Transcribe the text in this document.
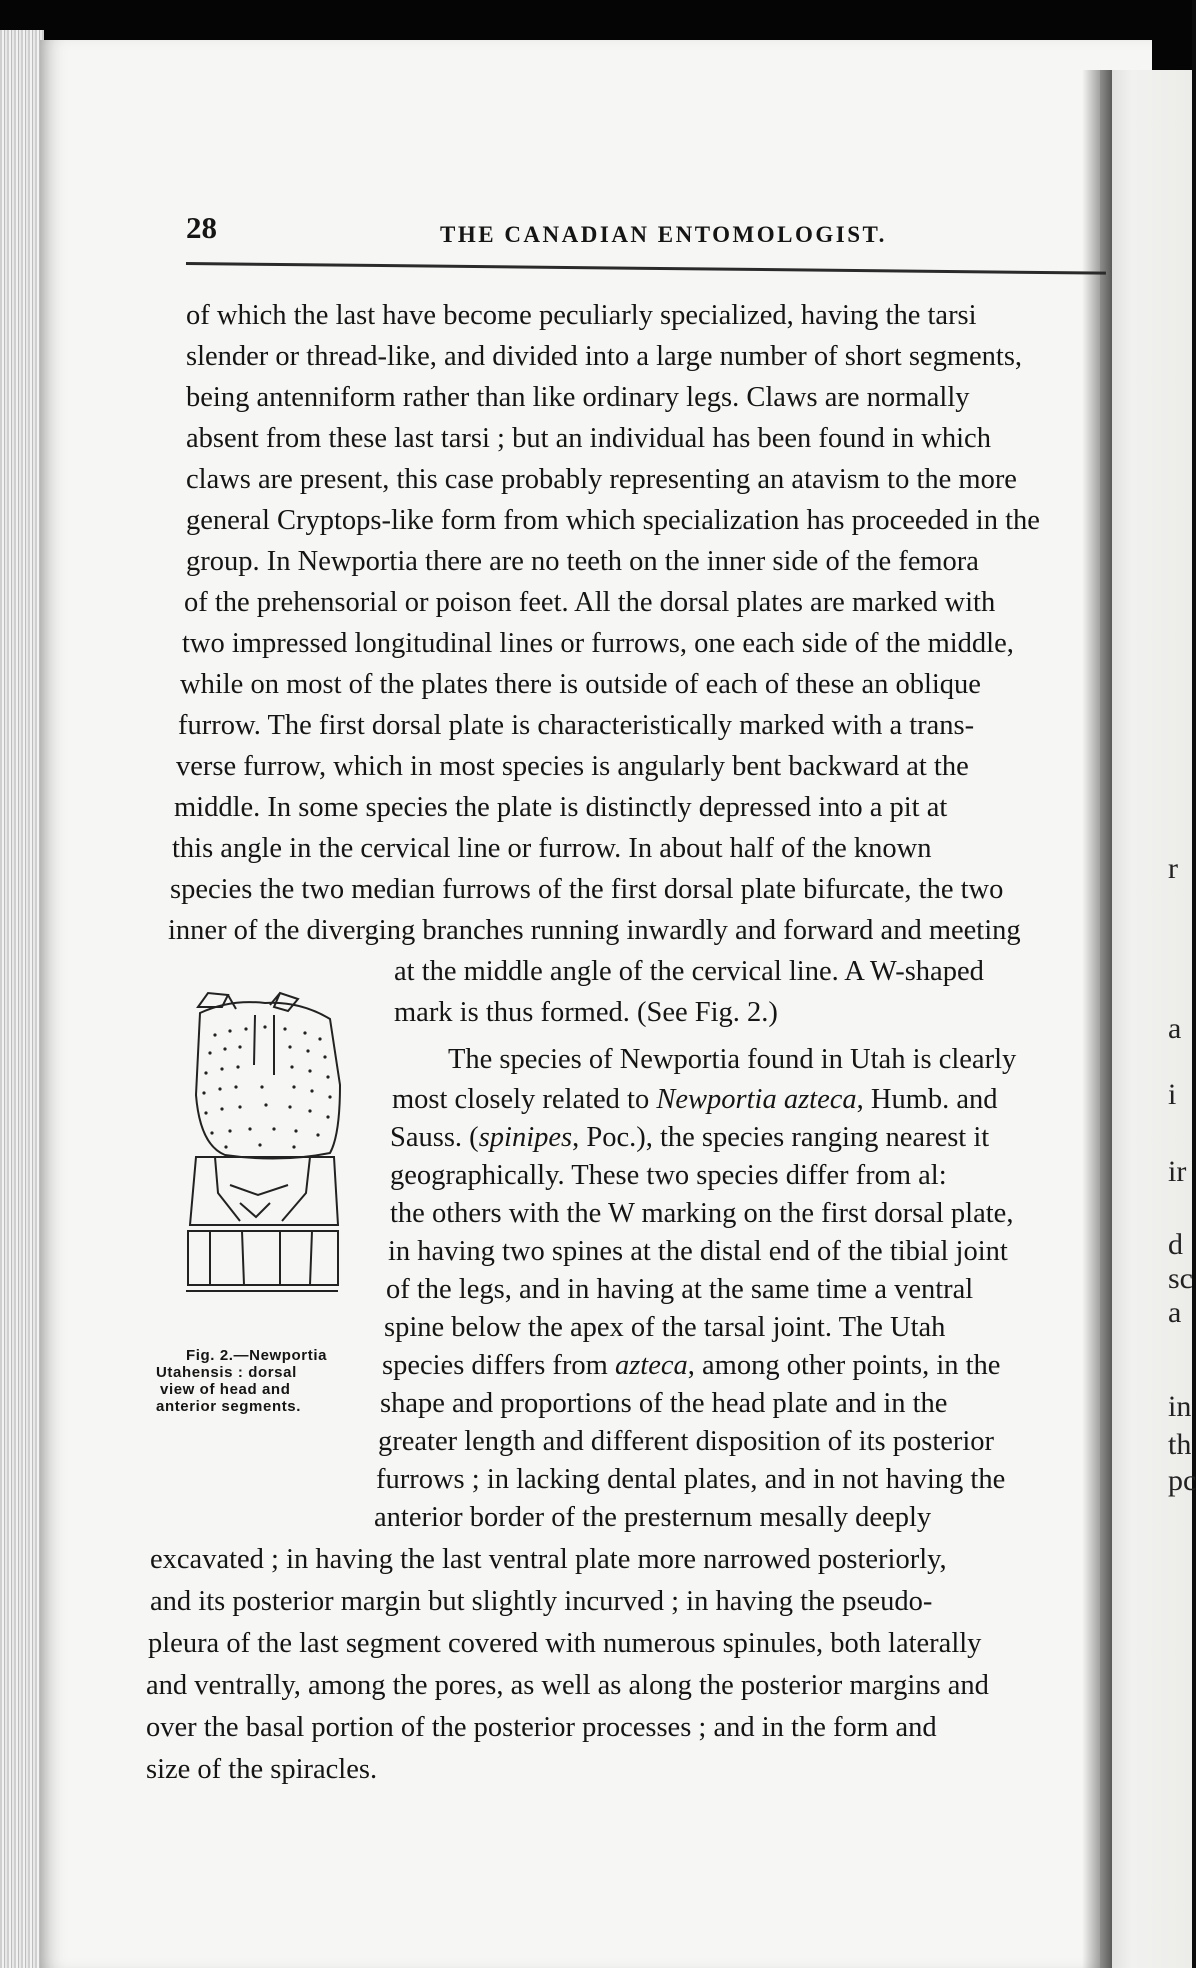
r
a
i
ir
d
sc
a
in
th
pc
28	THE CANADIAN ENTOMOLOGIST.
of which the last have become peculiarly specialized, having the tarsi
slender or thread-like, and divided into a large number of short segments,
being antenniform rather than like ordinary legs. Claws are normally
absent from these last tarsi ; but an individual has been found in which
claws are present, this case probably representing an atavism to the more
general Cryptops-like form from which specialization has proceeded in the
group. In Newportia there are no teeth on the inner side of the femora
of the prehensorial or poison feet. All the dorsal plates are marked with
two impressed longitudinal lines or furrows, one each side of the middle,
while on most of the plates there is outside of each of these an oblique
furrow. The first dorsal plate is characteristically marked with a trans-
verse furrow, which in most species is angularly bent backward at the
middle. In some species the plate is distinctly depressed into a pit at
this angle in the cervical line or furrow. In about half of the known
species the two median furrows of the first dorsal plate bifurcate, the two
inner of the diverging branches running inwardly and forward and meeting
at the middle angle of the cervical line. A W-shaped
mark is thus formed. (See Fig. 2.)
The species of Newportia found in Utah is clearly
most closely related to Newportia azteca, Humb. and
Sauss. (spinipes, Poc.), the species ranging nearest it
geographically. These two species differ from al:
the others with the W marking on the first dorsal plate,
in having two spines at the distal end of the tibial joint
of the legs, and in having at the same time a ventral
spine below the apex of the tarsal joint. The Utah
species differs from azteca, among other points, in the
shape and proportions of the head plate and in the
greater length and different disposition of its posterior
furrows ; in lacking dental plates, and in not having the
anterior border of the presternum mesally deeply
excavated ; in having the last ventral plate more narrowed posteriorly,
and its posterior margin but slightly incurved ; in having the pseudo-
pleura of the last segment covered with numerous spinules, both laterally
and ventrally, among the pores, as well as along the posterior margins and
over the basal portion of the posterior processes ; and in the form and
size of the spiracles.
Fig. 2.—Newportia
Utahensis : dorsal
view of head and
anterior segments.
